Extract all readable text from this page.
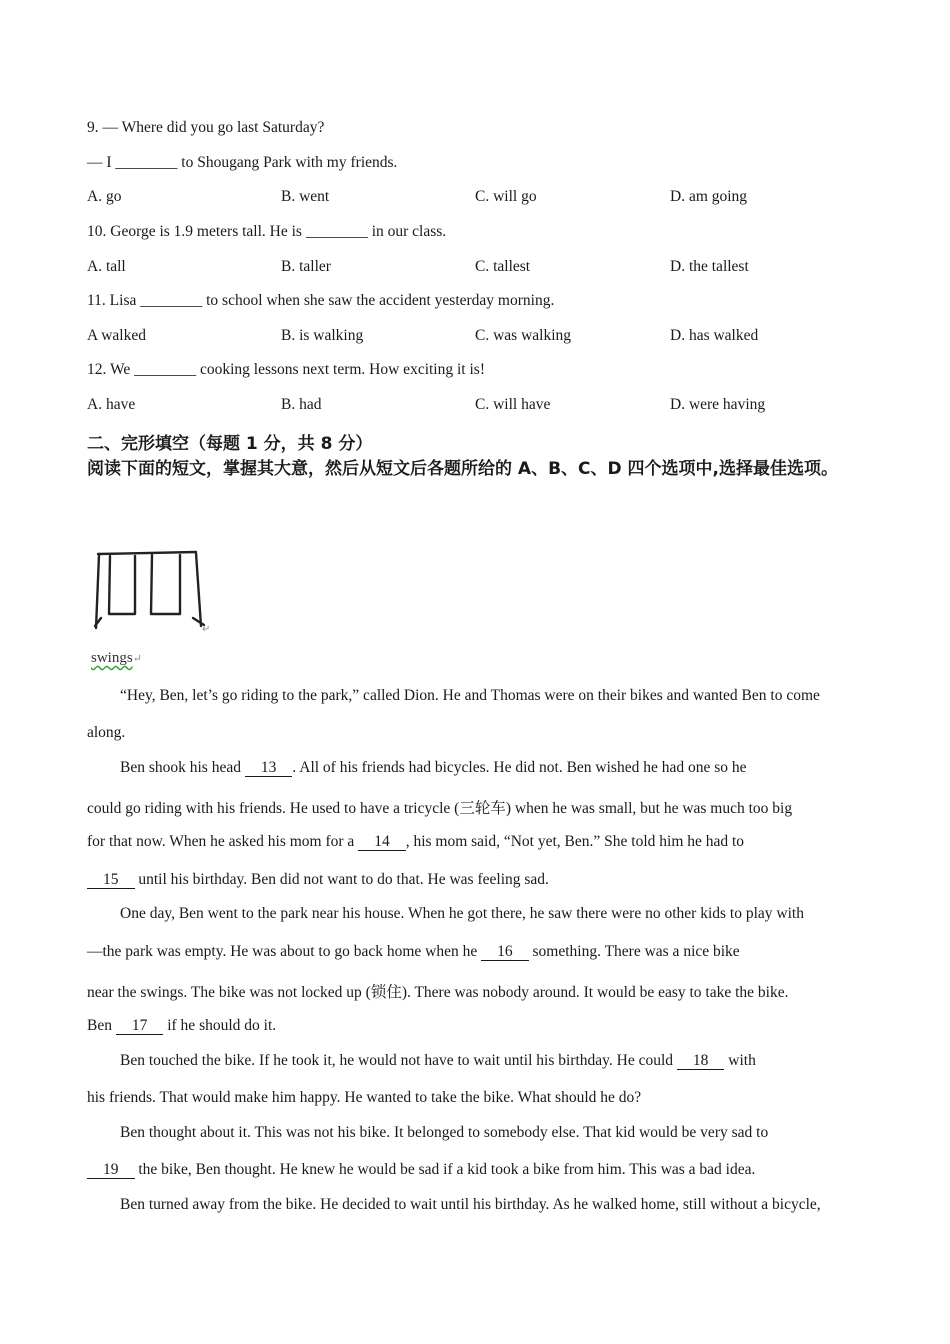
9. — Where did you go last Saturday?
— I ________ to Shougang Park with my friends.
A. go	B. went	C. will go	D. am going
10. George is 1.9 meters tall. He is ________ in our class.
A. tall	B. taller	C. tallest	D. the tallest
11. Lisa ________ to school when she saw the accident yesterday morning.
A walked	B. is walking	C. was walking	D. has walked
12. We ________ cooking lessons next term. How exciting it is!
A. have	B. had	C. will have	D. were having
二、完形填空（每题 1 分，共 8 分）
阅读下面的短文，掌握其大意，然后从短文后各题所给的 A、B、C、D 四个选项中,选择最佳选项。
↵
swings↵
“Hey, Ben, let’s go riding to the park,” called Dion. He and Thomas were on their bikes and wanted Ben to come
along.
Ben shook his head 13 . All of his friends had bicycles. He did not. Ben wished he had one so he
could go riding with his friends. He used to have a tricycle (三轮车) when he was small, but he was much too big
for that now. When he asked his mom for a 14 , his mom said, “Not yet, Ben.” She told him he had to
15 until his birthday. Ben did not want to do that. He was feeling sad.
One day, Ben went to the park near his house. When he got there, he saw there were no other kids to play with
—the park was empty. He was about to go back home when he 16 something. There was a nice bike
near the swings. The bike was not locked up (锁住). There was nobody around. It would be easy to take the bike.
Ben 17 if he should do it.
Ben touched the bike. If he took it, he would not have to wait until his birthday. He could 18 with
his friends. That would make him happy. He wanted to take the bike. What should he do?
Ben thought about it. This was not his bike. It belonged to somebody else. That kid would be very sad to
19 the bike, Ben thought. He knew he would be sad if a kid took a bike from him. This was a bad idea.
Ben turned away from the bike. He decided to wait until his birthday. As he walked home, still without a bicycle,
